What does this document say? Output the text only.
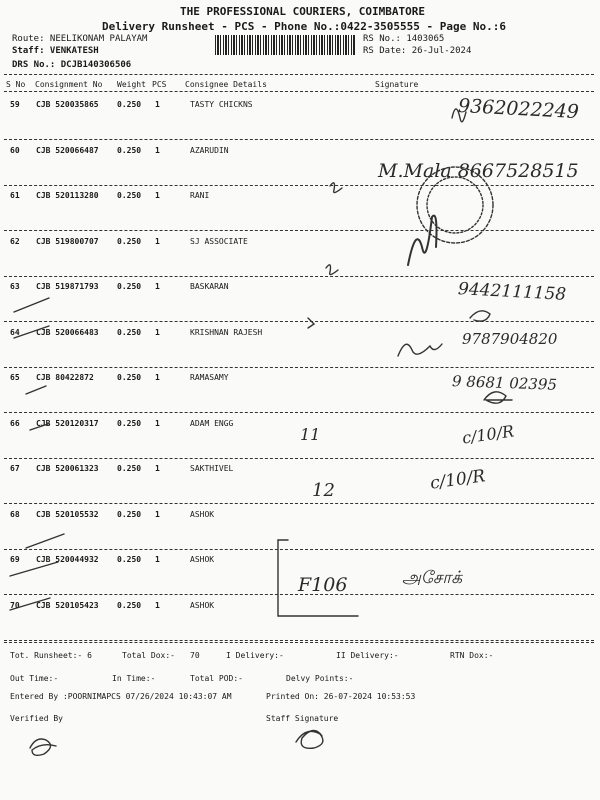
THE PROFESSIONAL COURIERS, COIMBATORE
Delivery Runsheet - PCS - Phone No.:0422-3505555 - Page No.:6
Route: NEELIKONAM PALAYAM
Staff: VENKATESH
DRS No.: DCJB140306506
RS No.: 1403065
RS Date: 26-Jul-2024
S No Consignment No Weight PCS Consignee Details	Signature
59 CJB 520035865 0.250 1	TASTY CHICKNS
60 CJB 520066487 0.250 1	AZARUDIN
61 CJB 520113280 0.250 1	RANI
62 CJB 519800707 0.250 1	SJ ASSOCIATE
63 CJB 519871793 0.250 1	BASKARAN
64 CJB 520066483 0.250 1	KRISHNAN RAJESH
65 CJB 80422872	0.250 1	RAMASAMY
66 CJB 520120317 0.250 1	ADAM ENGG
67 CJB 520061323 0.250 1	SAKTHIVEL
68 CJB 520105532 0.250 1	ASHOK
69 CJB 520044932 0.250 1	ASHOK
70 CJB 520105423 0.250 1	ASHOK
9362022249
M.Mala 8667528515
9442111158
9787904820
9 8681 02395
11	c/10/R
12	c/10/R
F106	அசோக்
Tot. Runsheet:- 6	Total Dox:- 70	I Delivery:-	II Delivery:-	RTN Dox:-
Out Time:-	In Time:-	Total POD:-	Delvy Points:-
Entered By :POORNIMAPCS 07/26/2024 10:43:07 AM	Printed On: 26-07-2024 10:53:53
Verified By	Staff Signature
